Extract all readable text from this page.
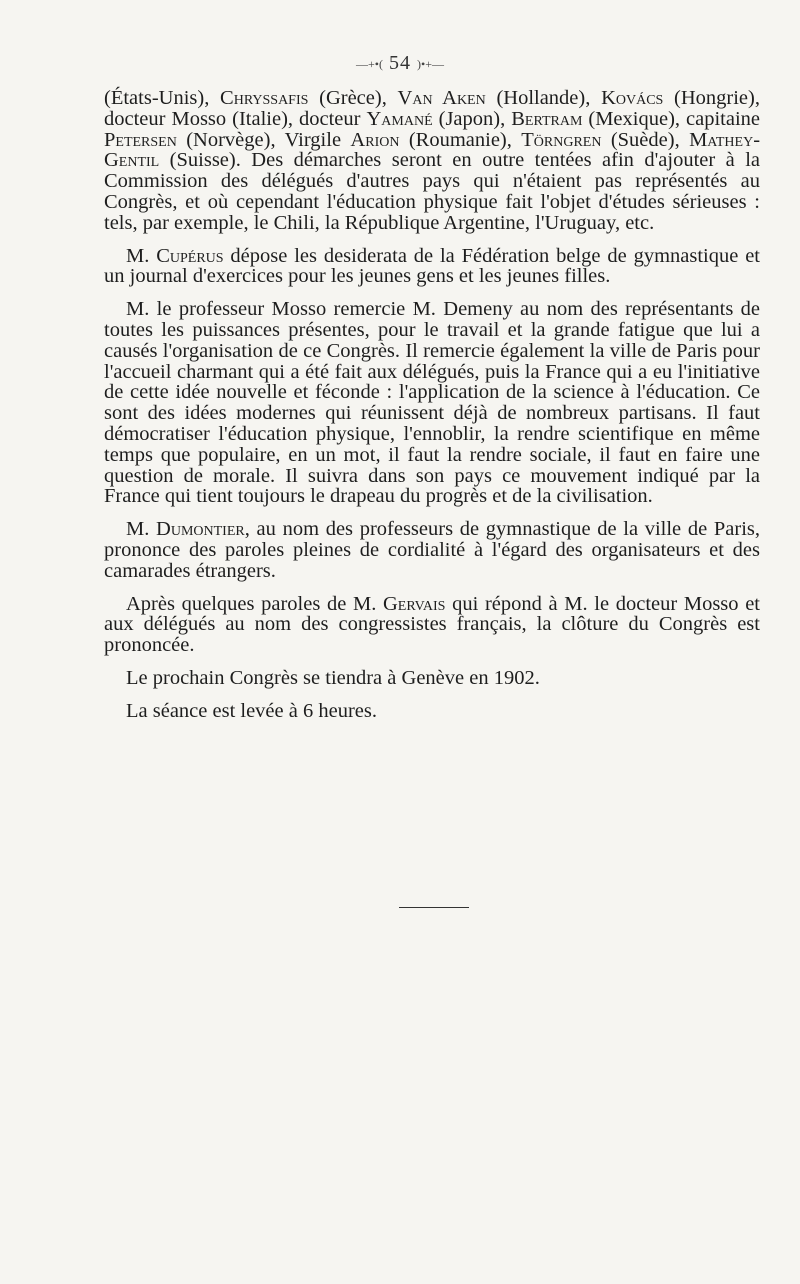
—+•( 54 )•+—

(États-Unis), Chryssafis (Grèce), Van Aken (Hollande), Kovács (Hongrie), docteur Mosso (Italie), docteur Yamané (Japon), Bertram (Mexique), capitaine Petersen (Norvège), Virgile Arion (Roumanie), Törngren (Suède), Mathey-Gentil (Suisse). Des démarches seront en outre tentées afin d'ajouter à la Commission des délégués d'autres pays qui n'étaient pas représentés au Congrès, et où cependant l'éducation physique fait l'objet d'études sérieuses : tels, par exemple, le Chili, la République Argentine, l'Uruguay, etc.

M. Cupérus dépose les desiderata de la Fédération belge de gymnastique et un journal d'exercices pour les jeunes gens et les jeunes filles.

M. le professeur Mosso remercie M. Demeny au nom des représentants de toutes les puissances présentes, pour le travail et la grande fatigue que lui a causés l'organisation de ce Congrès. Il remercie également la ville de Paris pour l'accueil charmant qui a été fait aux délégués, puis la France qui a eu l'initiative de cette idée nouvelle et féconde : l'application de la science à l'éducation. Ce sont des idées modernes qui réunissent déjà de nombreux partisans. Il faut démocratiser l'éducation physique, l'ennoblir, la rendre scientifique en même temps que populaire, en un mot, il faut la rendre sociale, il faut en faire une question de morale. Il suivra dans son pays ce mouvement indiqué par la France qui tient toujours le drapeau du progrès et de la civilisation.

M. Dumontier, au nom des professeurs de gymnastique de la ville de Paris, prononce des paroles pleines de cordialité à l'égard des organisateurs et des camarades étrangers.

Après quelques paroles de M. Gervais qui répond à M. le docteur Mosso et aux délégués au nom des congressistes français, la clôture du Congrès est prononcée.

Le prochain Congrès se tiendra à Genève en 1902.

La séance est levée à 6 heures.
